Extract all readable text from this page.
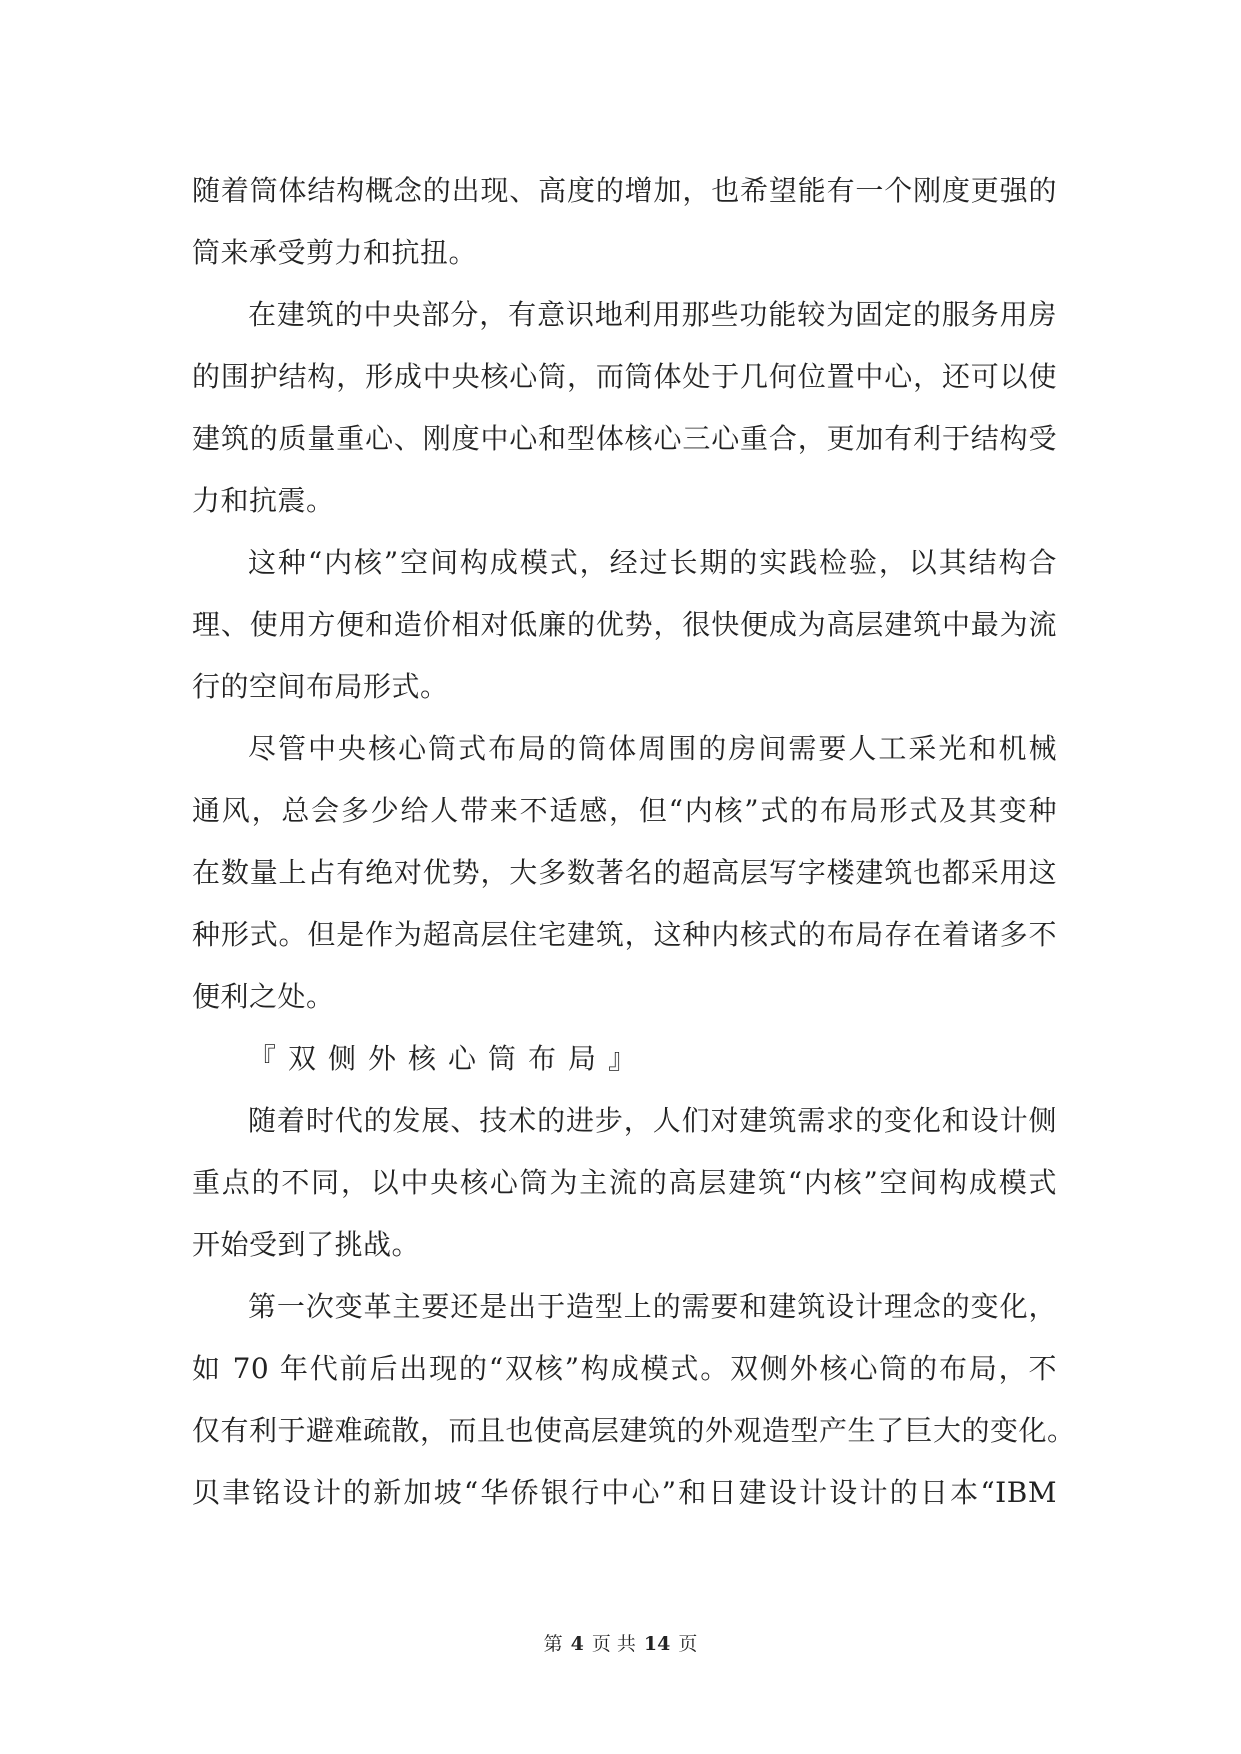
随着筒体结构概念的出现、高度的增加，也希望能有一个刚度更强的
筒来承受剪力和抗扭。
在建筑的中央部分，有意识地利用那些功能较为固定的服务用房
的围护结构，形成中央核心筒，而筒体处于几何位置中心，还可以使
建筑的质量重心、刚度中心和型体核心三心重合，更加有利于结构受
力和抗震。
这种“内核”空间构成模式，经过长期的实践检验，以其结构合
理、使用方便和造价相对低廉的优势，很快便成为高层建筑中最为流
行的空间布局形式。
尽管中央核心筒式布局的筒体周围的房间需要人工采光和机械
通风，总会多少给人带来不适感，但“内核”式的布局形式及其变种
在数量上占有绝对优势，大多数著名的超高层写字楼建筑也都采用这
种形式。但是作为超高层住宅建筑，这种内核式的布局存在着诸多不
便利之处。
『双侧外核心筒布局』
随着时代的发展、技术的进步，人们对建筑需求的变化和设计侧
重点的不同，以中央核心筒为主流的高层建筑“内核”空间构成模式
开始受到了挑战。
第一次变革主要还是出于造型上的需要和建筑设计理念的变化，
如 70 年代前后出现的“双核”构成模式。双侧外核心筒的布局，不
仅有利于避难疏散，而且也使高层建筑的外观造型产生了巨大的变化。
贝聿铭设计的新加坡“华侨银行中心”和日建设计设计的日本“IBM
第 4 页 共 14 页
